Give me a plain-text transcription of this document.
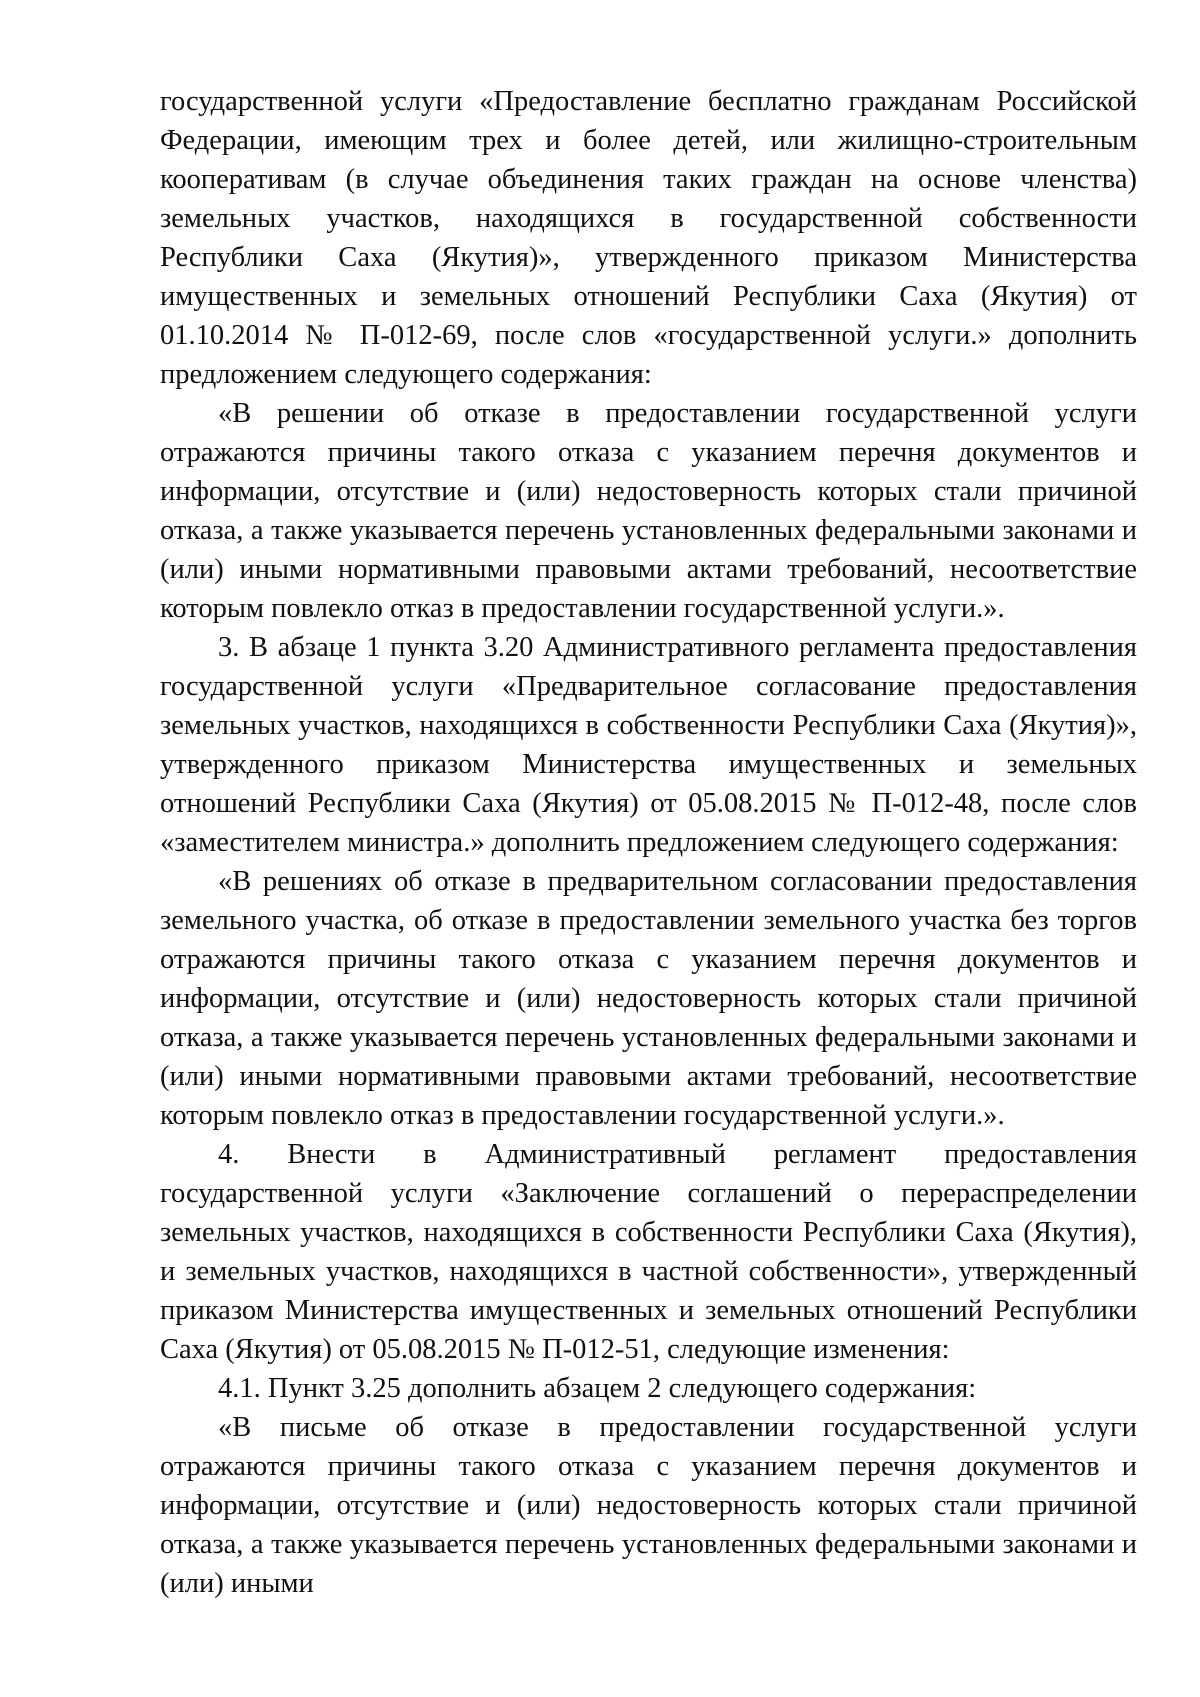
государственной услуги «Предоставление бесплатно гражданам Российской Федерации, имеющим трех и более детей, или жилищно-строительным кооперативам (в случае объединения таких граждан на основе членства) земельных участков, находящихся в государственной собственности Республики Саха (Якутия)», утвержденного приказом Министерства имущественных и земельных отношений Республики Саха (Якутия) от 01.10.2014 № П-012-69, после слов «государственной услуги.» дополнить предложением следующего содержания:

«В решении об отказе в предоставлении государственной услуги отражаются причины такого отказа с указанием перечня документов и информации, отсутствие и (или) недостоверность которых стали причиной отказа, а также указывается перечень установленных федеральными законами и (или) иными нормативными правовыми актами требований, несоответствие которым повлекло отказ в предоставлении государственной услуги.».

3. В абзаце 1 пункта 3.20 Административного регламента предоставления государственной услуги «Предварительное согласование предоставления земельных участков, находящихся в собственности Республики Саха (Якутия)», утвержденного приказом Министерства имущественных и земельных отношений Республики Саха (Якутия) от 05.08.2015 № П-012-48, после слов «заместителем министра.» дополнить предложением следующего содержания:

«В решениях об отказе в предварительном согласовании предоставления земельного участка, об отказе в предоставлении земельного участка без торгов отражаются причины такого отказа с указанием перечня документов и информации, отсутствие и (или) недостоверность которых стали причиной отказа, а также указывается перечень установленных федеральными законами и (или) иными нормативными правовыми актами требований, несоответствие которым повлекло отказ в предоставлении государственной услуги.».

4. Внести в Административный регламент предоставления государственной услуги «Заключение соглашений о перераспределении земельных участков, находящихся в собственности Республики Саха (Якутия), и земельных участков, находящихся в частной собственности», утвержденный приказом Министерства имущественных и земельных отношений Республики Саха (Якутия) от 05.08.2015 № П-012-51, следующие изменения:

4.1. Пункт 3.25 дополнить абзацем 2 следующего содержания:

«В письме об отказе в предоставлении государственной услуги отражаются причины такого отказа с указанием перечня документов и информации, отсутствие и (или) недостоверность которых стали причиной отказа, а также указывается перечень установленных федеральными законами и (или) иными
